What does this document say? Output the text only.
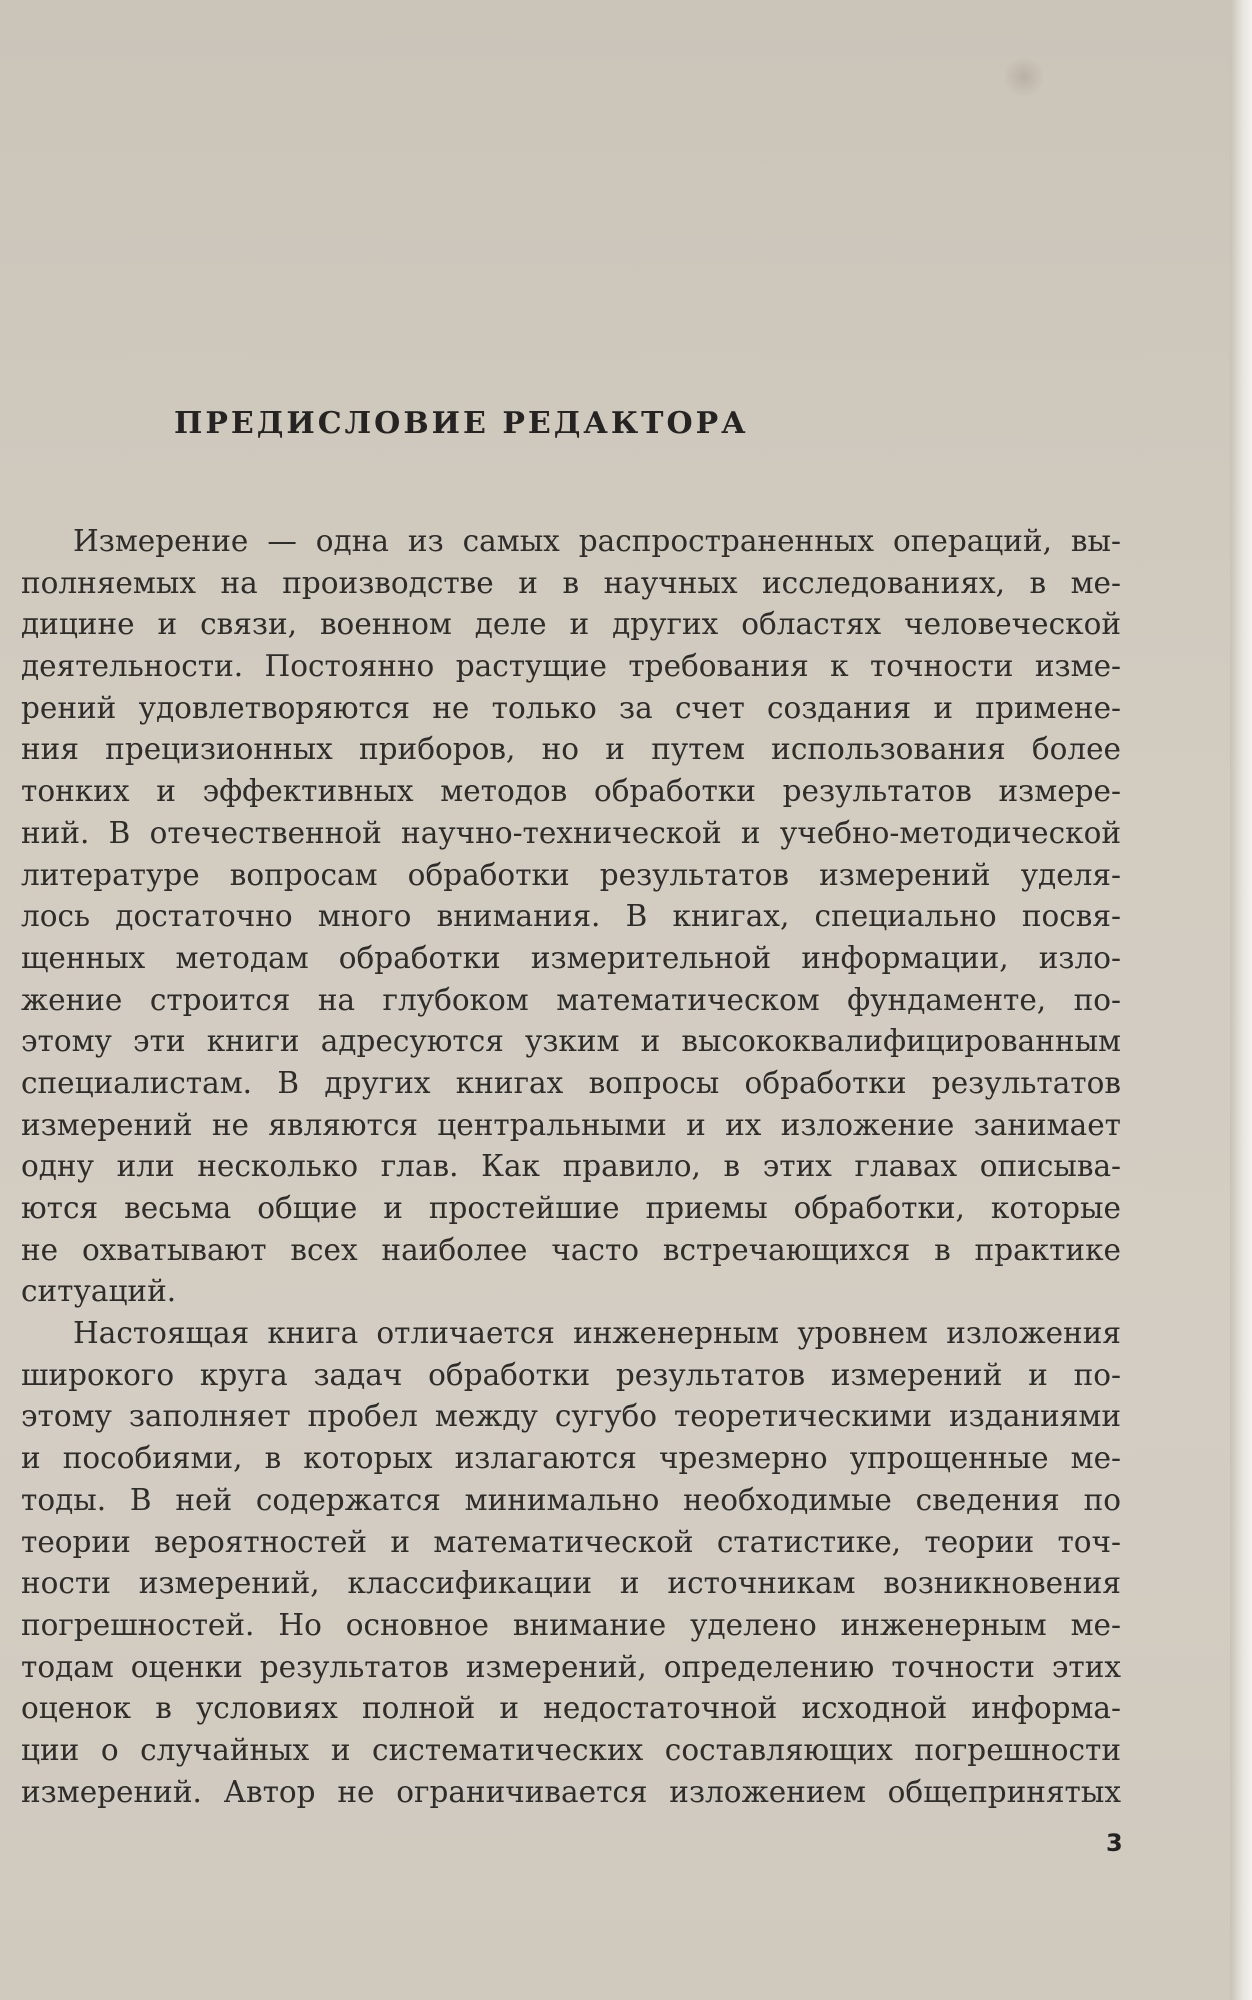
ПРЕДИСЛОВИЕ РЕДАКТОРА
Измерение — одна из самых распространенных операций, вы-
полняемых на производстве и в научных исследованиях, в ме-
дицине и связи, военном деле и других областях человеческой
деятельности. Постоянно растущие требования к точности изме-
рений удовлетворяются не только за счет создания и примене-
ния прецизионных приборов, но и путем использования более
тонких и эффективных методов обработки результатов измере-
ний. В отечественной научно-технической и учебно-методической
литературе вопросам обработки результатов измерений уделя-
лось достаточно много внимания. В книгах, специально посвя-
щенных методам обработки измерительной информации, изло-
жение строится на глубоком математическом фундаменте, по-
этому эти книги адресуются узким и высококвалифицированным
специалистам. В других книгах вопросы обработки результатов
измерений не являются центральными и их изложение занимает
одну или несколько глав. Как правило, в этих главах описыва-
ются весьма общие и простейшие приемы обработки, которые
не охватывают всех наиболее часто встречающихся в практике
ситуаций.
Настоящая книга отличается инженерным уровнем изложения
широкого круга задач обработки результатов измерений и по-
этому заполняет пробел между сугубо теоретическими изданиями
и пособиями, в которых излагаются чрезмерно упрощенные ме-
тоды. В ней содержатся минимально необходимые сведения по
теории вероятностей и математической статистике, теории точ-
ности измерений, классификации и источникам возникновения
погрешностей. Но основное внимание уделено инженерным ме-
тодам оценки результатов измерений, определению точности этих
оценок в условиях полной и недостаточной исходной информа-
ции о случайных и систематических составляющих погрешности
измерений. Автор не ограничивается изложением общепринятых
3
